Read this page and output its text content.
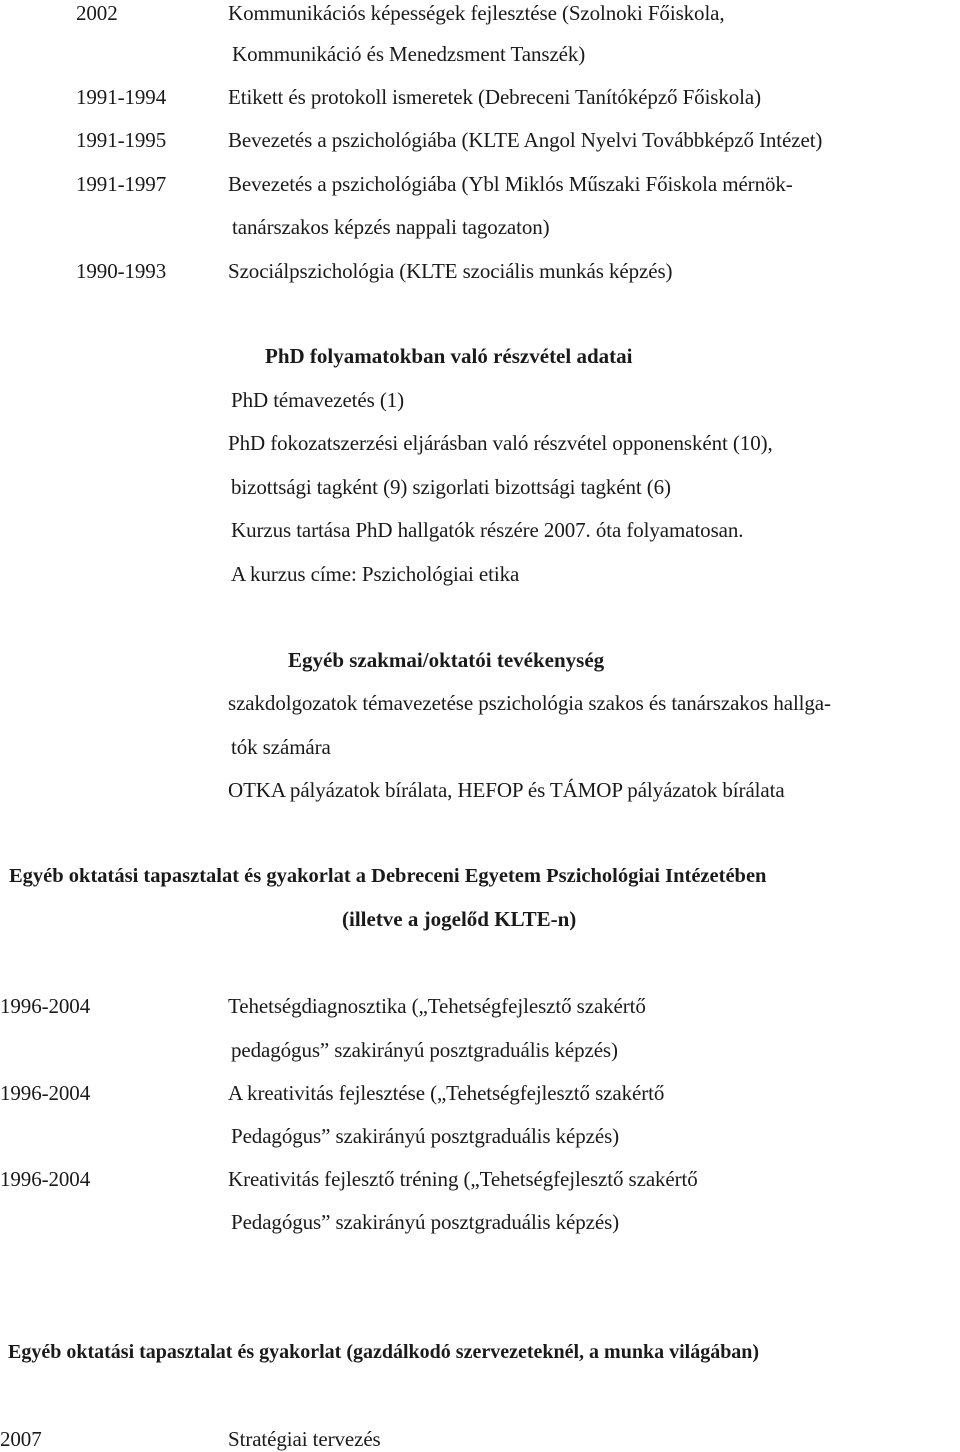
2002	Kommunikációs képességek fejlesztése (Szolnoki Főiskola,
Kommunikáció és Menedzsment Tanszék)
1991-1994	Etikett és protokoll ismeretek (Debreceni Tanítóképző Főiskola)
1991-1995	Bevezetés a pszichológiába (KLTE Angol Nyelvi Továbbképző Intézet)
1991-1997	Bevezetés a pszichológiába (Ybl Miklós Műszaki Főiskola mérnök-
tanárszakos képzés nappali tagozaton)
1990-1993	Szociálpszichológia (KLTE szociális munkás képzés)
PhD folyamatokban való részvétel adatai
PhD témavezetés (1)
PhD fokozatszerzési eljárásban való részvétel opponensként (10),
bizottsági tagként (9) szigorlati bizottsági tagként (6)
Kurzus tartása PhD hallgatók részére 2007. óta folyamatosan.
A kurzus címe: Pszichológiai etika
Egyéb szakmai/oktatói tevékenység
szakdolgozatok témavezetése pszichológia szakos és tanárszakos hallga-
tók számára
OTKA pályázatok bírálata, HEFOP és TÁMOP pályázatok bírálata
Egyéb oktatási tapasztalat és gyakorlat a Debreceni Egyetem Pszichológiai Intézetében
(illetve a jogelőd KLTE-n)
1996-2004	Tehetségdiagnosztika („Tehetségfejlesztő szakértő
pedagógus” szakirányú posztgraduális képzés)
1996-2004	A kreativitás fejlesztése („Tehetségfejlesztő szakértő
Pedagógus” szakirányú posztgraduális képzés)
1996-2004	Kreativitás fejlesztő tréning („Tehetségfejlesztő szakértő
Pedagógus” szakirányú posztgraduális képzés)
Egyéb oktatási tapasztalat és gyakorlat (gazdálkodó szervezeteknél, a munka világában)
2007	Stratégiai tervezés
